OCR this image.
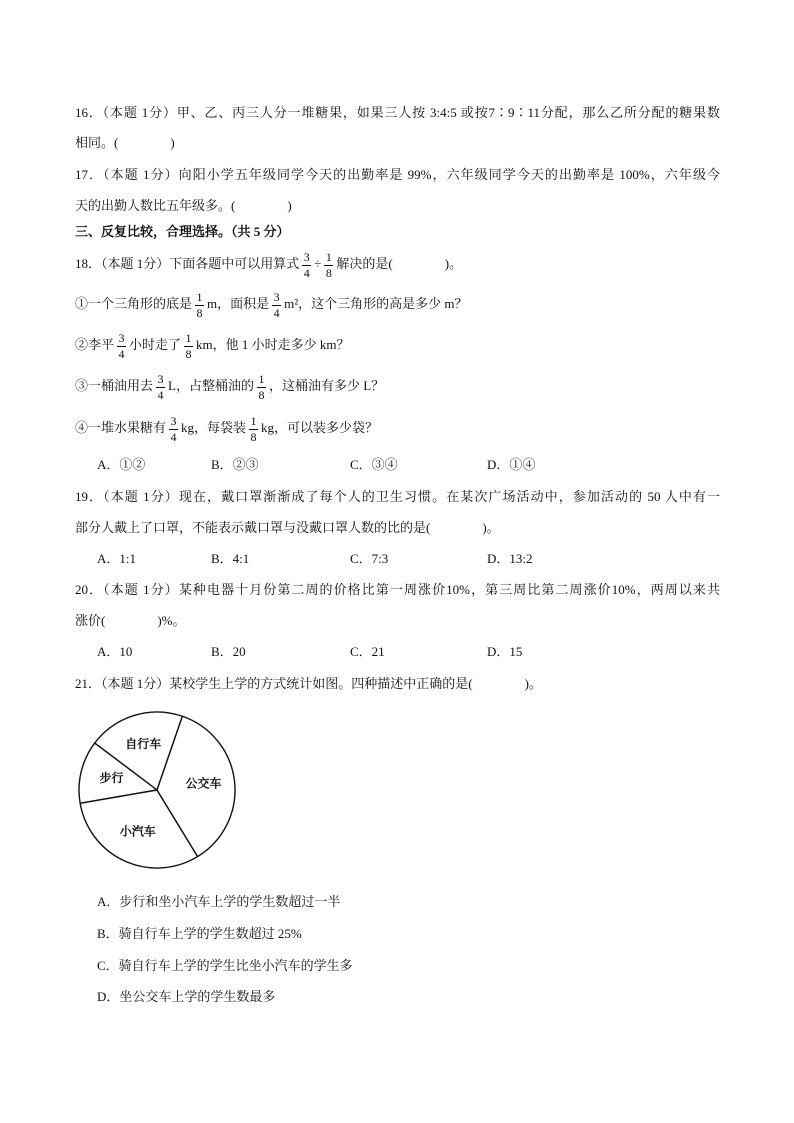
16．（本题 1分）甲、乙、丙三人分一堆糖果，如果三人按 3:4:5 或按7∶9∶11分配，那么乙所分配的糖果数
相同。(　　　　)
17．（本题 1分）向阳小学五年级同学今天的出勤率是 99%，六年级同学今天的出勤率是 100%，六年级今
天的出勤人数比五年级多。(　　　　)
三、反复比较，合理选择。（共 5 分）
18．（本题 1分）下面各题中可以用算式 $\frac{3}{4} \div \frac{1}{8}$ 解决的是(　　　　)。
①一个三角形的底是 $\frac{1}{8}$ m，面积是 $\frac{3}{4} m^2$，这个三角形的高是多少 m？
②李平 $\frac{3}{4}$ 小时走了 $\frac{1}{8}$ km，他 1 小时走多少 km？
③一桶油用去 $\frac{3}{4}$ L，占整桶油的 $\frac{1}{8}$ ，这桶油有多少 L？
④一堆水果糖有 $\frac{3}{4}$ kg，每袋装 $\frac{1}{8}$ kg，可以装多少袋？
A．①②	B．②③	C．③④	D．①④
19．（本题 1分）现在，戴口罩渐渐成了每个人的卫生习惯。在某次广场活动中，参加活动的 50 人中有一
部分人戴上了口罩，不能表示戴口罩与没戴口罩人数的比的是(　　　　)。
A．1:1	B．4:1	C．7:3	D．13:2
20．（本题 1分）某种电器十月份第二周的价格比第一周涨价10%，第三周比第二周涨价10%，两周以来共
涨价(　　　　)%。
A．10	B．20	C．21	D．15
21．（本题 1分）某校学生上学的方式统计如图。四种描述中正确的是(　　　　)。
自行车
步行
小汽车
公交车
A．步行和坐小汽车上学的学生数超过一半
B．骑自行车上学的学生数超过 25%
C．骑自行车上学的学生比坐小汽车的学生多
D．坐公交车上学的学生数最多
